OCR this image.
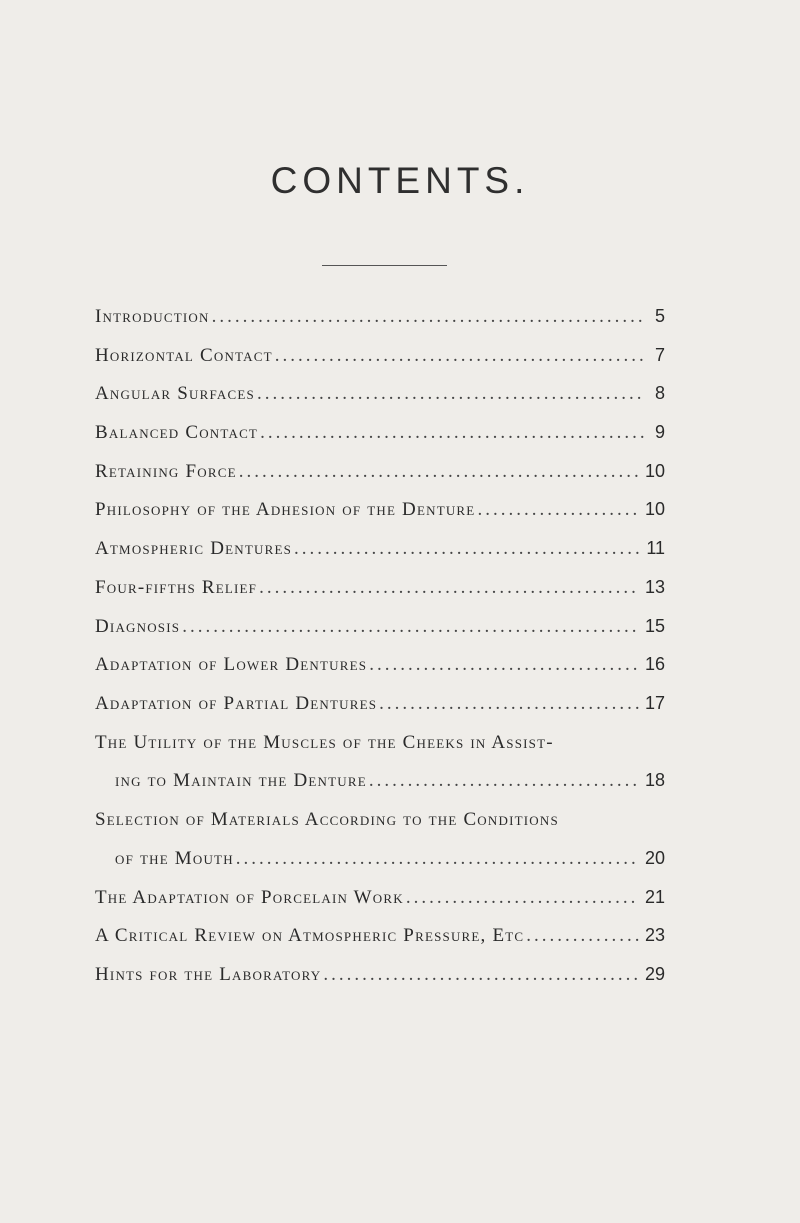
CONTENTS.
Introduction .....	5
Horizontal Contact .....	7
Angular Surfaces .....	8
Balanced Contact .....	9
Retaining Force .....	10
Philosophy of the Adhesion of the Denture .....	10
Atmospheric Dentures .....	11
Four-fifths Relief .....	13
Diagnosis .....	15
Adaptation of Lower Dentures .....	16
Adaptation of Partial Dentures .....	17
The Utility of the Muscles of the Cheeks in Assist-
ing to Maintain the Denture .....	18
Selection of Materials According to the Conditions
of the Mouth .....	20
The Adaptation of Porcelain Work .....	21
A Critical Review on Atmospheric Pressure, Etc .....	23
Hints for the Laboratory .....	29
